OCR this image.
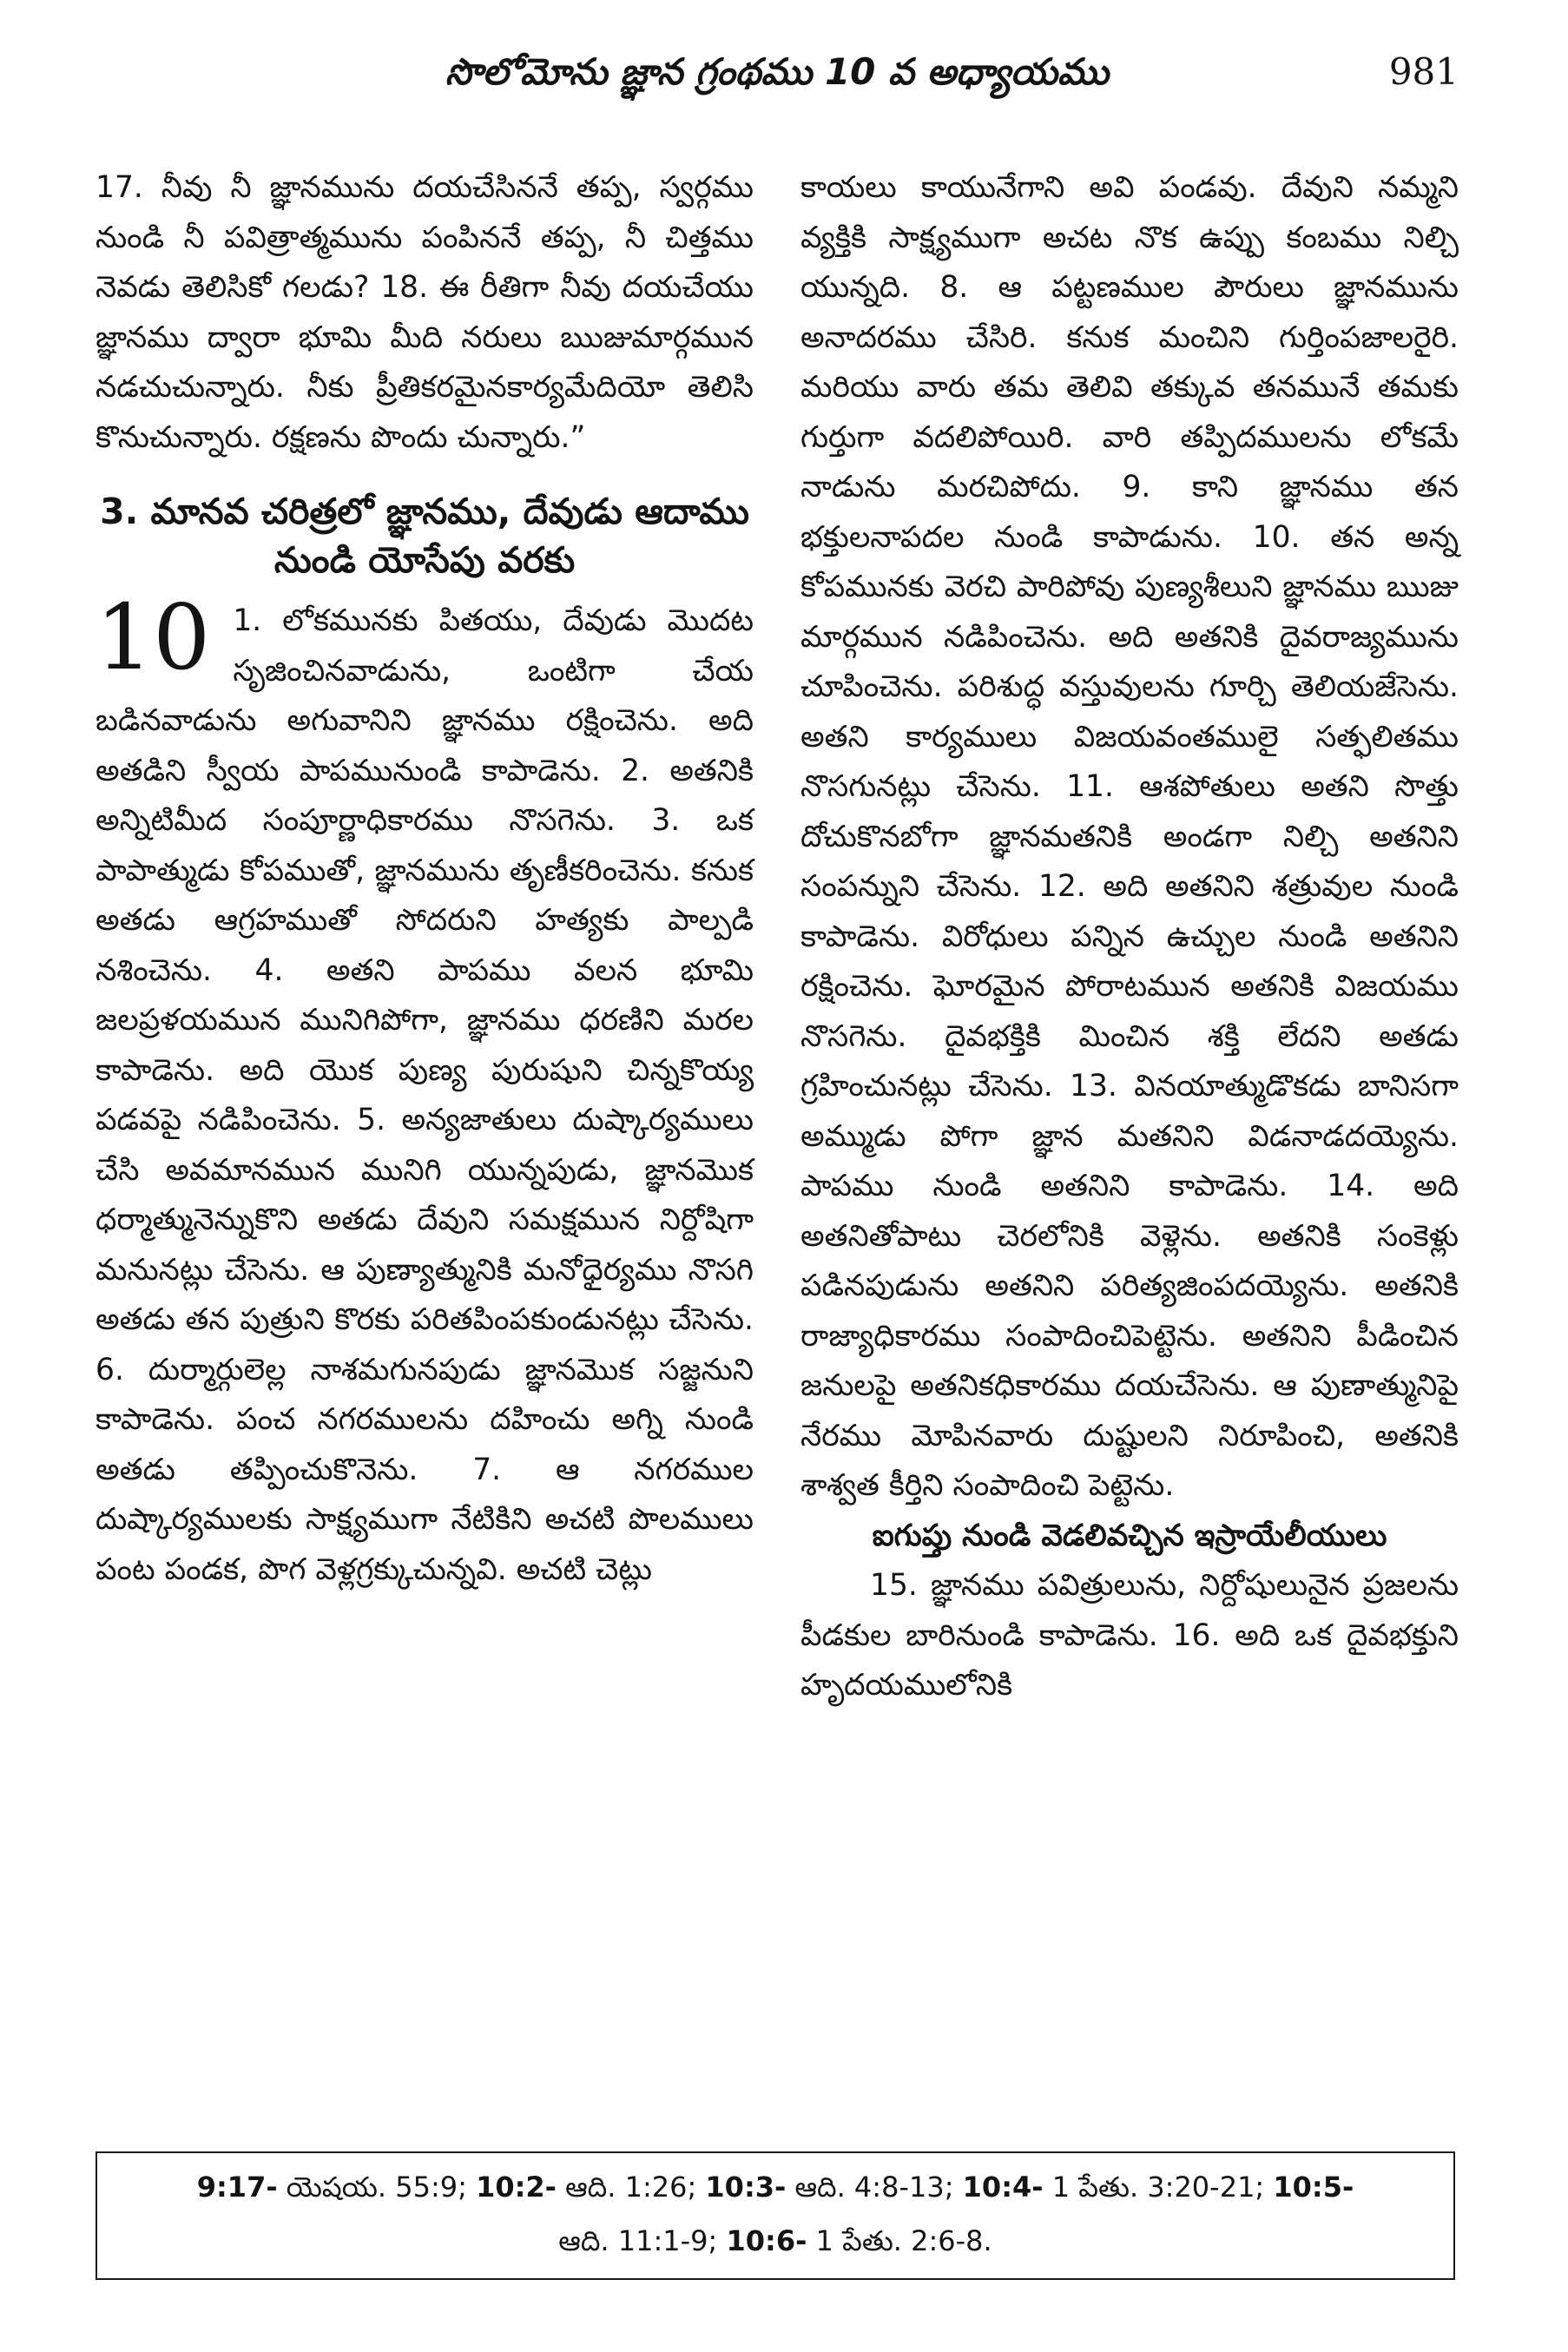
సొలోమోను జ్ఞాన గ్రంథము 10 వ అధ్యాయము	981

17. నీవు నీ జ్ఞానమును దయచేసిననే తప్ప, స్వర్గము నుండి నీ పవిత్రాత్మమును పంపిననే తప్ప, నీ చిత్తము నెవడు తెలిసికో గలడు? 18. ఈ రీతిగా నీవు దయచేయు జ్ఞానము ద్వారా భూమి మీది నరులు ఋజుమార్గమున నడచుచున్నారు. నీకు ప్రీతికరమైనకార్యమేదియో తెలిసి కొనుచున్నారు. రక్షణను పొందు చున్నారు.”

3. మానవ చరిత్రలో జ్ఞానము, దేవుడు ఆదాము నుండి యోసేపు వరకు
10 1. లోకమునకు పితయు, దేవుడు మొదట సృజించినవాడును, ఒంటిగా చేయ బడినవాడును అగువానిని జ్ఞానము రక్షించెను. అది అతడిని స్వీయ పాపమునుండి కాపాడెను. 2. అతనికి అన్నిటిమీద సంపూర్ణాధికారము నొసగెను. 3. ఒక పాపాత్ముడు కోపముతో, జ్ఞానమును తృణీకరించెను. కనుక అతడు ఆగ్రహముతో సోదరుని హత్యకు పాల్పడి నశించెను. 4. అతని పాపము వలన భూమి జలప్రళయమున మునిగిపోగా, జ్ఞానము ధరణిని మరల కాపాడెను. అది యొక పుణ్య పురుషుని చిన్నకొయ్య పడవపై నడిపించెను. 5. అన్యజాతులు దుష్కార్యములు చేసి అవమానమున మునిగి యున్నపుడు, జ్ఞానమొక ధర్మాత్మునెన్నుకొని అతడు దేవుని సమక్షమున నిర్దోషిగా మనునట్లు చేసెను. ఆ పుణ్యాత్మునికి మనోధైర్యము నొసగి అతడు తన పుత్రుని కొరకు పరితపింపకుండునట్లు చేసెను. 6. దుర్మార్గులెల్ల నాశమగునపుడు జ్ఞానమొక సజ్జనుని కాపాడెను. పంచ నగరములను దహించు అగ్ని నుండి అతడు తప్పించుకొనెను. 7. ఆ నగరముల దుష్కార్యములకు సాక్ష్యముగా నేటికిని అచటి పొలములు పంట పండక, పొగ వెళ్లగ్రక్కుచున్నవి. అచటి చెట్లు

కాయలు కాయునేగాని అవి పండవు. దేవుని నమ్మని వ్యక్తికి సాక్ష్యముగా అచట నొక ఉప్పు కంబము నిల్చి యున్నది. 8. ఆ పట్టణముల పౌరులు జ్ఞానమును అనాదరము చేసిరి. కనుక మంచిని గుర్తింపజాలరైరి. మరియు వారు తమ తెలివి తక్కువ తనమునే తమకు గుర్తుగా వదలిపోయిరి. వారి తప్పిదములను లోకమే నాడును మరచిపోదు. 9. కాని జ్ఞానము తన భక్తులనాపదల నుండి కాపాడును. 10. తన అన్న కోపమునకు వెరచి పారిపోవు పుణ్యశీలుని జ్ఞానము ఋజు మార్గమున నడిపించెను. అది అతనికి దైవరాజ్యమును చూపించెను. పరిశుద్ధ వస్తువులను గూర్చి తెలియజేసెను. అతని కార్యములు విజయవంతములై సత్ఫలితము నొసగునట్లు చేసెను. 11. ఆశపోతులు అతని సొత్తు దోచుకొనబోగా జ్ఞానమతనికి అండగా నిల్చి అతనిని సంపన్నుని చేసెను. 12. అది అతనిని శత్రువుల నుండి కాపాడెను. విరోధులు పన్నిన ఉచ్చుల నుండి అతనిని రక్షించెను. ఘోరమైన పోరాటమున అతనికి విజయము నొసగెను. దైవభక్తికి మించిన శక్తి లేదని అతడు గ్రహించునట్లు చేసెను. 13. వినయాత్ముడొకడు బానిసగా అమ్ముడు పోగా జ్ఞాన మతనిని విడనాడదయ్యెను. పాపము నుండి అతనిని కాపాడెను. 14. అది అతనితోపాటు చెరలోనికి వెళ్లెను. అతనికి సంకెళ్లు పడినపుడును అతనిని పరిత్యజింపదయ్యెను. అతనికి రాజ్యాధికారము సంపాదించిపెట్టెను. అతనిని పీడించిన జనులపై అతనికధికారము దయచేసెను. ఆ పుణాత్మునిపై నేరము మోపినవారు దుష్టులని నిరూపించి, అతనికి శాశ్వత కీర్తిని సంపాదించి పెట్టెను.

ఐగుప్తు నుండి వెడలివచ్చిన ఇస్రాయేలీయులు

15. జ్ఞానము పవిత్రులును, నిర్దోషులునైన ప్రజలను పీడకుల బారినుండి కాపాడెను. 16. అది ఒక దైవభక్తుని హృదయములోనికి

9:17- యెషయ. 55:9; 10:2- ఆది. 1:26; 10:3- ఆది. 4:8-13; 10:4- 1 పేతు. 3:20-21; 10:5-
ఆది. 11:1-9; 10:6- 1 పేతు. 2:6-8.
